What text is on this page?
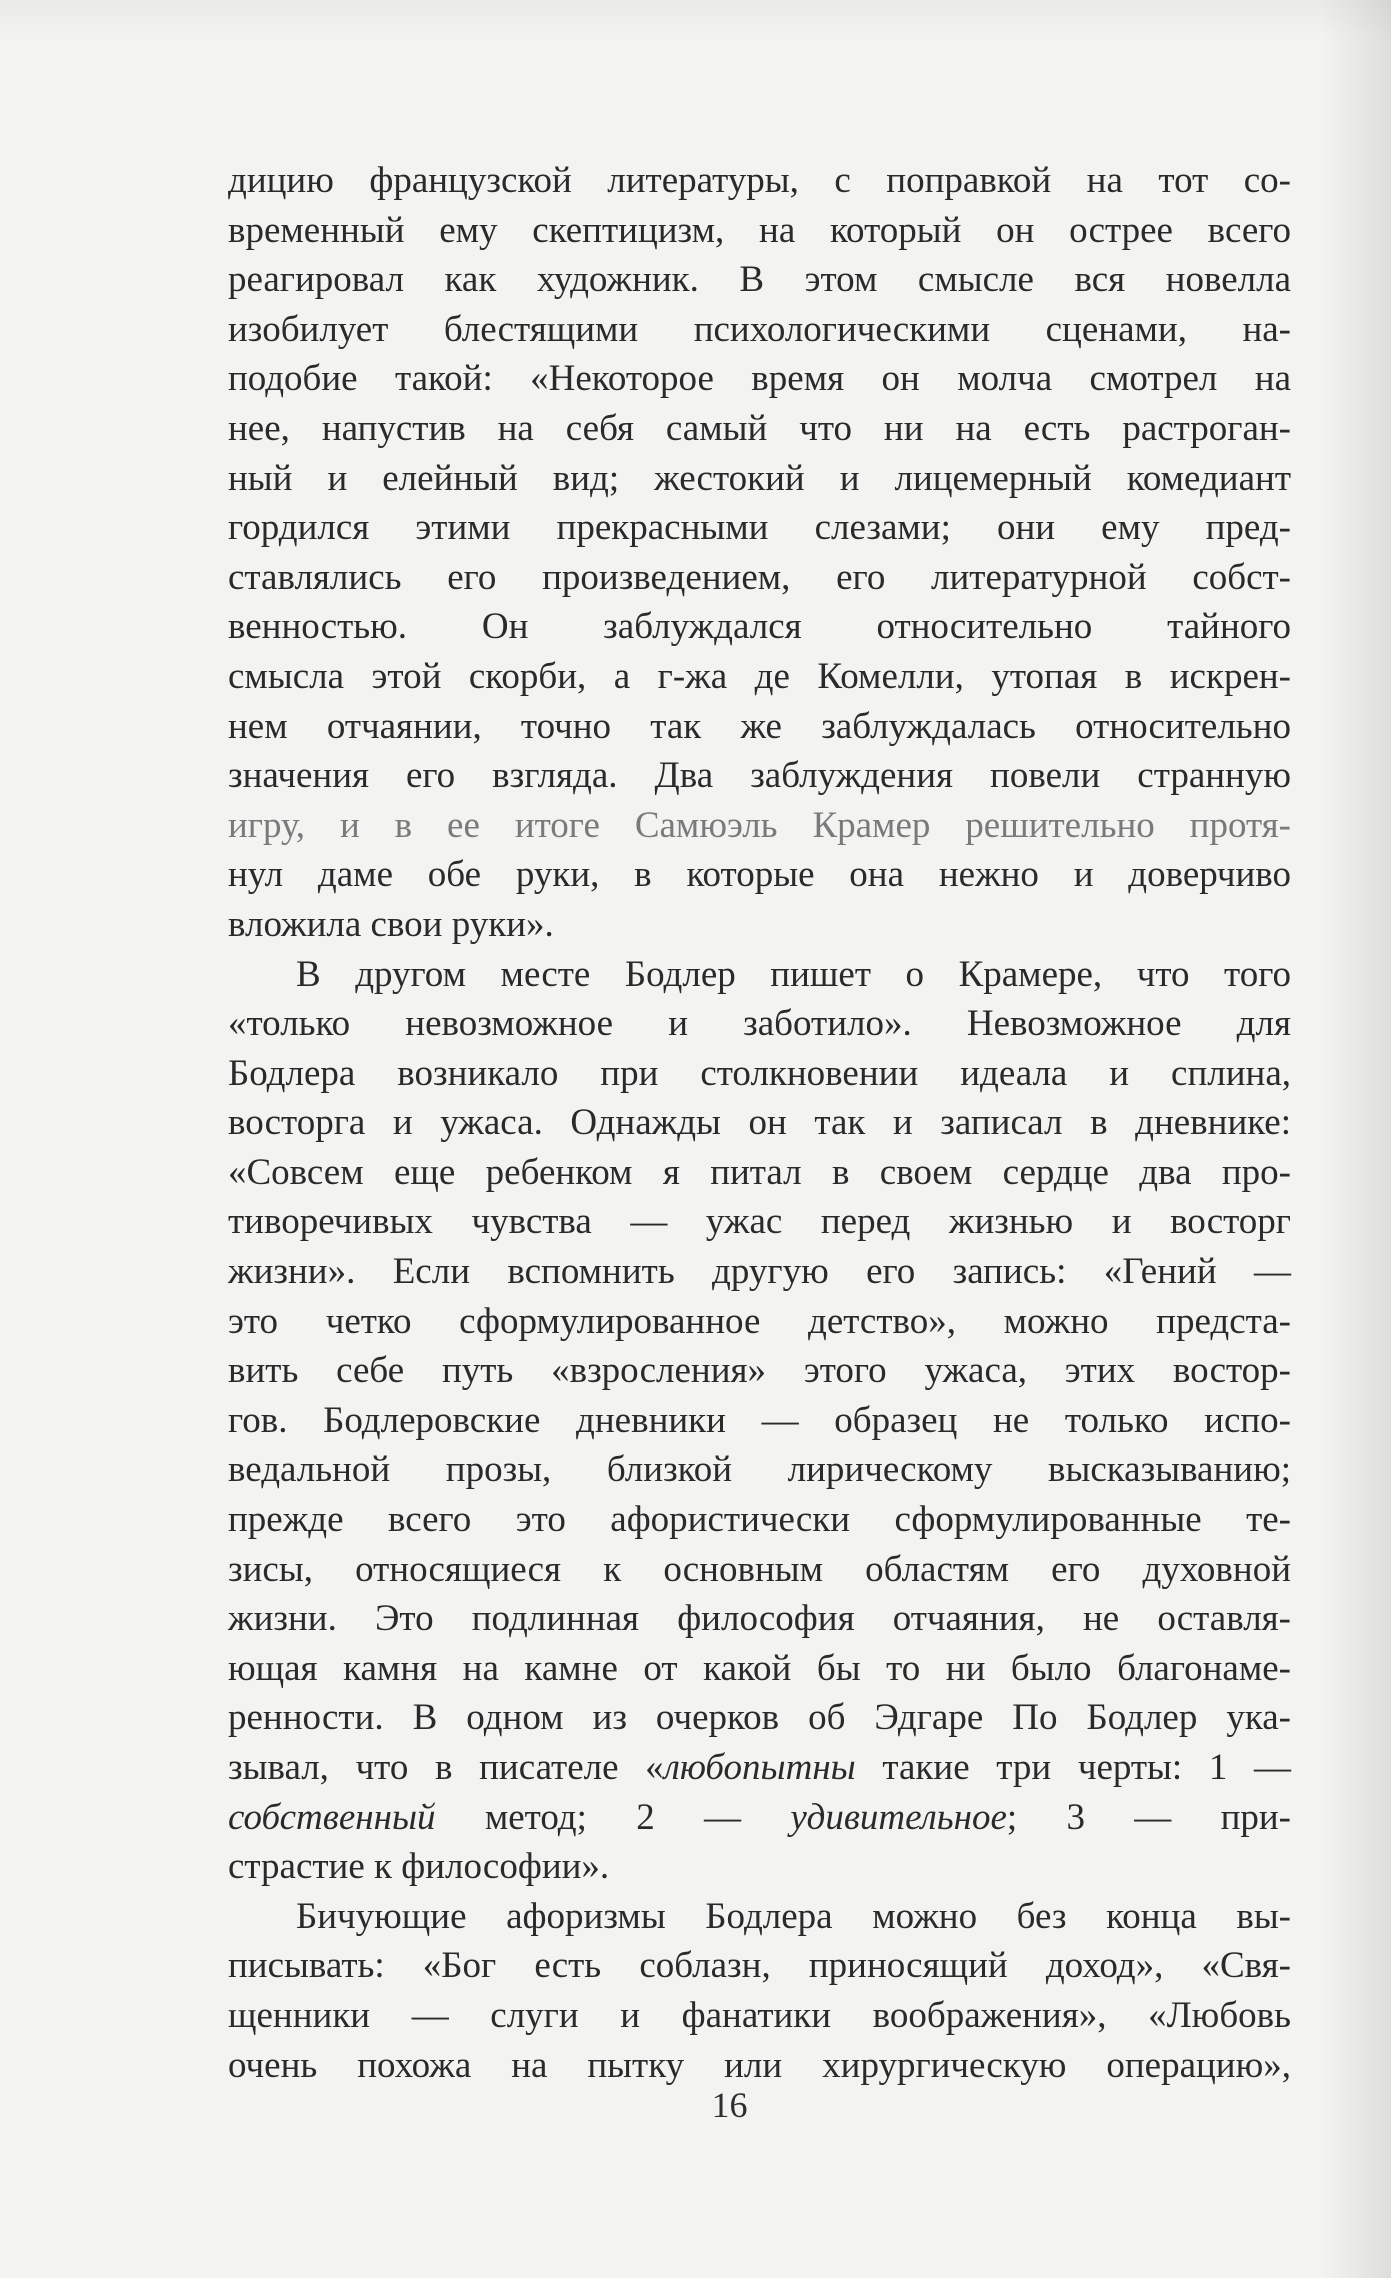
дицию французской литературы, с поправкой на тот со-
временный ему скептицизм, на который он острее всего
реагировал как художник. В этом смысле вся новелла
изобилует блестящими психологическими сценами, на-
подобие такой: «Некоторое время он молча смотрел на
нее, напустив на себя самый что ни на есть растроган-
ный и елейный вид; жестокий и лицемерный комедиант
гордился этими прекрасными слезами; они ему пред-
ставлялись его произведением, его литературной собст-
венностью. Он заблуждался относительно тайного
смысла этой скорби, а г-жа де Комелли, утопая в искрен-
нем отчаянии, точно так же заблуждалась относительно
значения его взгляда. Два заблуждения повели странную
игру, и в ее итоге Самюэль Крамер решительно протя-
нул даме обе руки, в которые она нежно и доверчиво
вложила свои руки».
В другом месте Бодлер пишет о Крамере, что того
«только невозможное и заботило». Невозможное для
Бодлера возникало при столкновении идеала и сплина,
восторга и ужаса. Однажды он так и записал в дневнике:
«Совсем еще ребенком я питал в своем сердце два про-
тиворечивых чувства — ужас перед жизнью и восторг
жизни». Если вспомнить другую его запись: «Гений —
это четко сформулированное детство», можно предста-
вить себе путь «взросления» этого ужаса, этих востор-
гов. Бодлеровские дневники — образец не только испо-
ведальной прозы, близкой лирическому высказыванию;
прежде всего это афористически сформулированные те-
зисы, относящиеся к основным областям его духовной
жизни. Это подлинная философия отчаяния, не оставля-
ющая камня на камне от какой бы то ни было благонаме-
ренности. В одном из очерков об Эдгаре По Бодлер ука-
зывал, что в писателе «любопытны такие три черты: 1 —
собственный метод; 2 — удивительное; 3 — при-
страстие к философии».
Бичующие афоризмы Бодлера можно без конца вы-
писывать: «Бог есть соблазн, приносящий доход», «Свя-
щенники — слуги и фанатики воображения», «Любовь
очень похожа на пытку или хирургическую операцию»,
16
